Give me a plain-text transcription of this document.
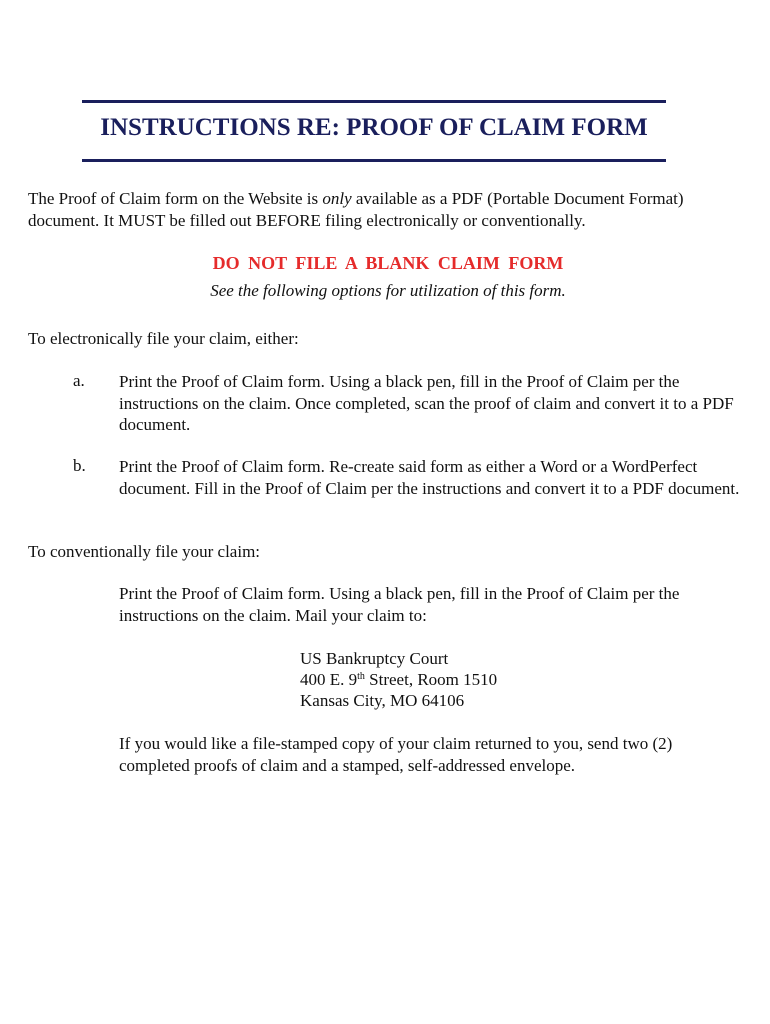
INSTRUCTIONS RE: PROOF OF CLAIM FORM

The Proof of Claim form on the Website is only available as a PDF (Portable Document Format) document. It MUST be filled out BEFORE filing electronically or conventionally.

DO NOT FILE A BLANK CLAIM FORM
See the following options for utilization of this form.

To electronically file your claim, either:

a. Print the Proof of Claim form. Using a black pen, fill in the Proof of Claim per the instructions on the claim. Once completed, scan the proof of claim and convert it to a PDF document.
b. Print the Proof of Claim form. Re-create said form as either a Word or a WordPerfect document. Fill in the Proof of Claim per the instructions and convert it to a PDF document.

To conventionally file your claim:

Print the Proof of Claim form. Using a black pen, fill in the Proof of Claim per the instructions on the claim. Mail your claim to:

US Bankruptcy Court
400 E. 9th Street, Room 1510
Kansas City, MO 64106

If you would like a file-stamped copy of your claim returned to you, send two (2) completed proofs of claim and a stamped, self-addressed envelope.
